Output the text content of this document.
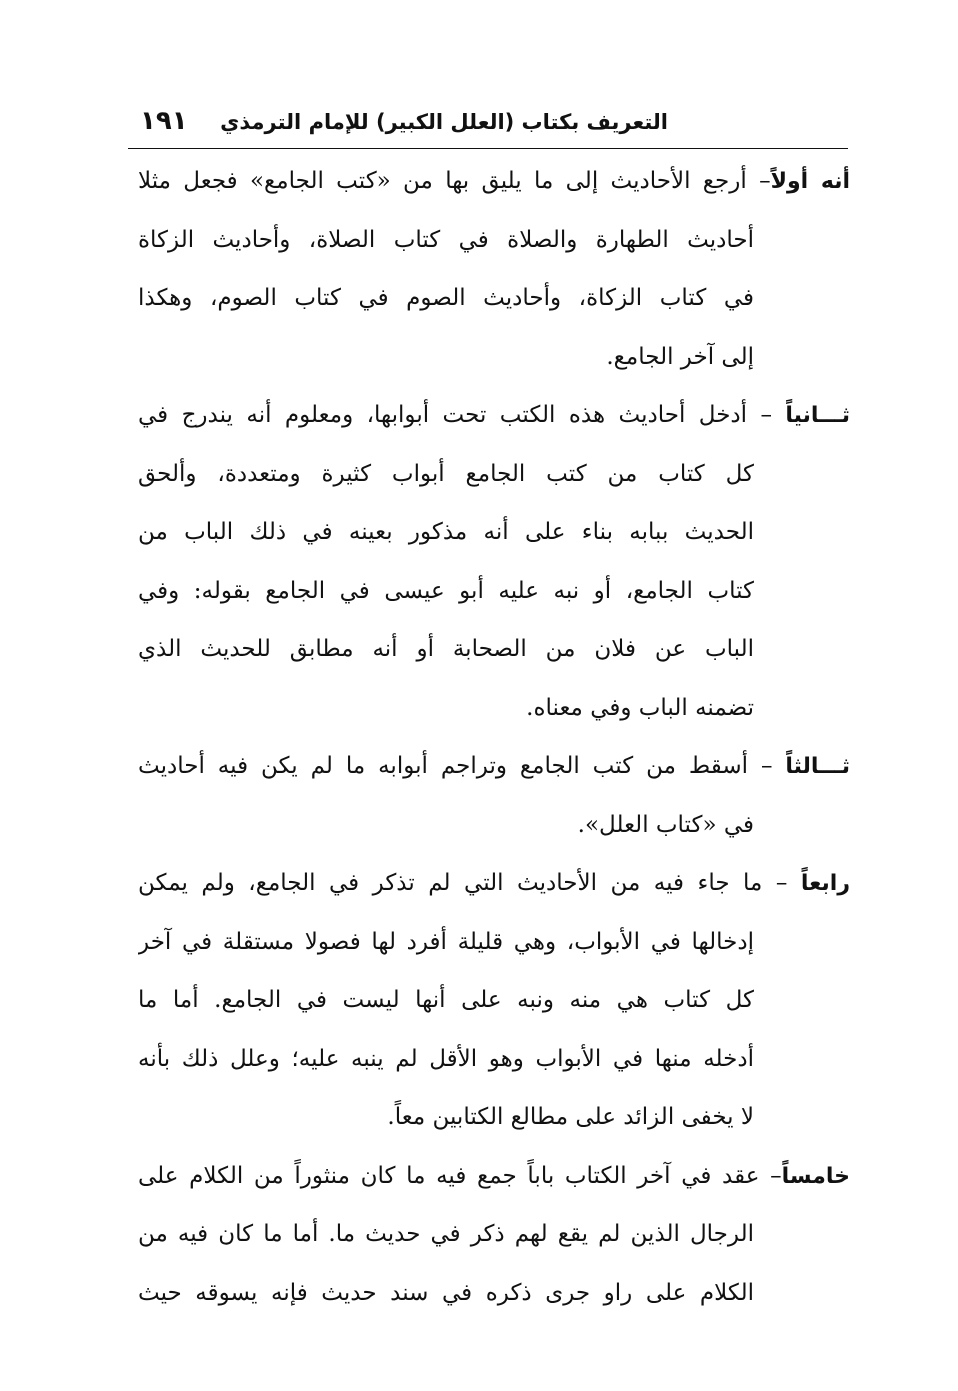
التعريف بكتاب (العلل الكبير) للإمام الترمذي
١٩١
أنه أولاً– أرجع الأحاديث إلى ما يليق بها من «كتب الجامع» فجعل مثلا
أحاديث الطهارة والصلاة في كتاب الصلاة، وأحاديث الزكاة
في كتاب الزكاة، وأحاديث الصوم في كتاب الصوم، وهكذا
إلى آخر الجامع.
ثـــانياً – أدخل أحاديث هذه الكتب تحت أبوابها، ومعلوم أنه يندرج في
كل كتاب من كتب الجامع أبواب كثيرة ومتعددة، وألحق
الحديث ببابه بناء على أنه مذكور بعينه في ذلك الباب من
كتاب الجامع، أو نبه عليه أبو عيسى في الجامع بقوله: وفي
الباب عن فلان من الصحابة أو أنه مطابق للحديث الذي
تضمنه الباب وفي معناه.
ثـــالثاً – أسقط من كتب الجامع وتراجم أبوابه ما لم يكن فيه أحاديث
في «كتاب العلل».
رابعاً – ما جاء فيه من الأحاديث التي لم تذكر في الجامع، ولم يمكن
إدخالها في الأبواب، وهي قليلة أفرد لها فصولا مستقلة في آخر
كل كتاب هي منه ونبه على أنها ليست في الجامع. أما ما
أدخله منها في الأبواب وهو الأقل لم ينبه عليه؛ وعلل ذلك بأنه
لا يخفى الزائد على مطالع الكتابين معاً.
خامساً– عقد في آخر الكتاب باباً جمع فيه ما كان منثوراً من الكلام على
الرجال الذين لم يقع لهم ذكر في حديث ما. أما ما كان فيه من
الكلام على راو جرى ذكره في سند حديث فإنه يسوقه حيث
